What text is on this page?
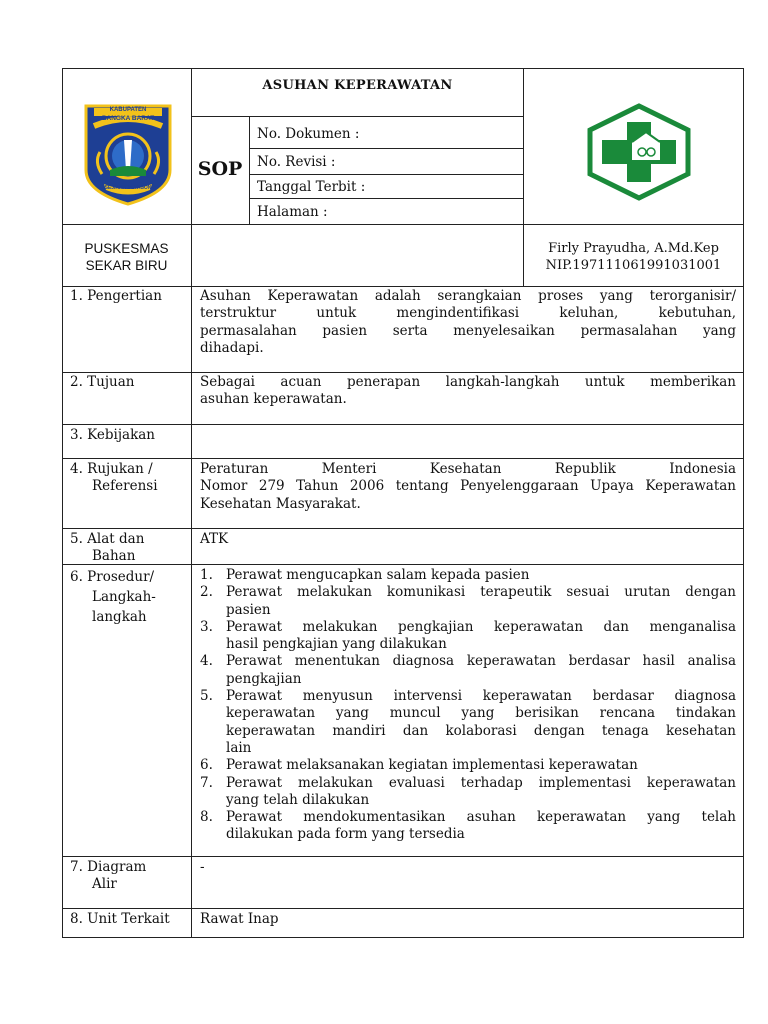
KABUPATEN
BANGKA BARAT
SEJIRAN SETASON
ASUHAN KEPERAWATAN
SOP
No. Dokumen :
No. Revisi :
Tanggal Terbit :
Halaman :
PUSKESMAS
SEKAR BIRU
Firly Prayudha, A.Md.Kep
NIP.197111061991031001
1. Pengertian	Asuhan Keperawatan adalah serangkaian proses yang terorganisir/
terstruktur untuk mengindentifikasi keluhan, kebutuhan,
permasalahan pasien serta menyelesaikan permasalahan yang
dihadapi.
2. Tujuan	Sebagai acuan penerapan langkah-langkah untuk memberikan
asuhan keperawatan.
3. Kebijakan
4. Rujukan /
Referensi
Peraturan Menteri Kesehatan Republik Indonesia
Nomor 279 Tahun 2006 tentang Penyelenggaraan Upaya Keperawatan
Kesehatan Masyarakat.
5. Alat dan
Bahan
ATK
6. Prosedur/
Langkah-
langkah
1. Perawat mengucapkan salam kepada pasien
2. Perawat melakukan komunikasi terapeutik sesuai urutan dengan
pasien
3. Perawat melakukan pengkajian keperawatan dan menganalisa
hasil pengkajian yang dilakukan
4. Perawat menentukan diagnosa keperawatan berdasar hasil analisa
pengkajian
5. Perawat menyusun intervensi keperawatan berdasar diagnosa
keperawatan yang muncul yang berisikan rencana tindakan
keperawatan mandiri dan kolaborasi dengan tenaga kesehatan
lain
6. Perawat melaksanakan kegiatan implementasi keperawatan
7. Perawat melakukan evaluasi terhadap implementasi keperawatan
yang telah dilakukan
8. Perawat mendokumentasikan asuhan keperawatan yang telah
dilakukan pada form yang tersedia
7. Diagram
Alir
-
8. Unit Terkait Rawat Inap
